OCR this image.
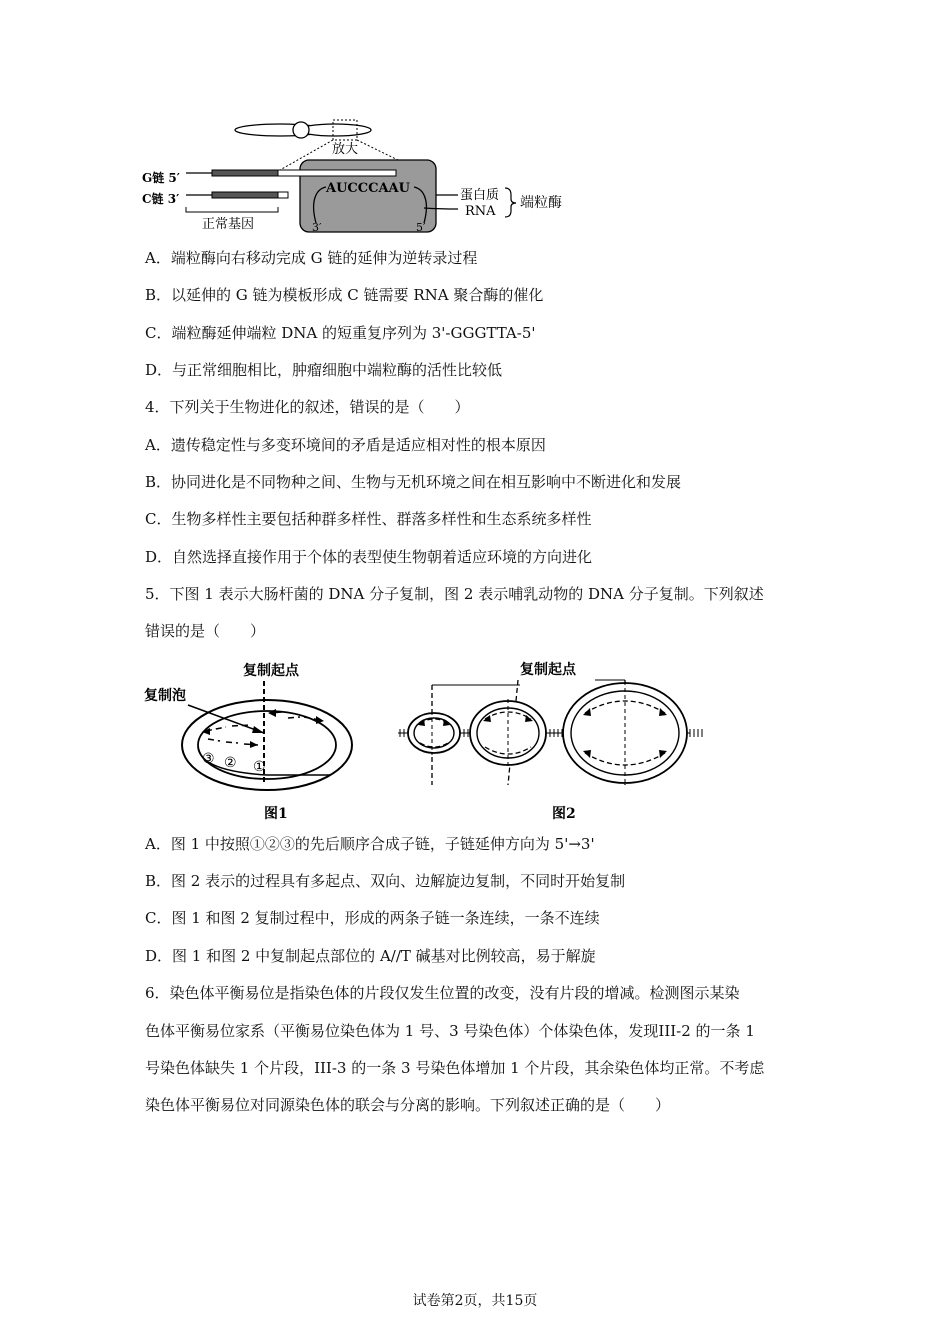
放大
G链 5′
C链 3′
正常基因
AUCCCAAU
3′	5′
蛋白质
RNA
端粒酶
A．端粒酶向右移动完成 G 链的延伸为逆转录过程
B．以延伸的 G 链为模板形成 C 链需要 RNA 聚合酶的催化
C．端粒酶延伸端粒 DNA 的短重复序列为 3'-GGGTTA-5'
D．与正常细胞相比，肿瘤细胞中端粒酶的活性比较低
4．下列关于生物进化的叙述，错误的是（　　）
A．遗传稳定性与多变环境间的矛盾是适应相对性的根本原因
B．协同进化是不同物种之间、生物与无机环境之间在相互影响中不断进化和发展
C．生物多样性主要包括种群多样性、群落多样性和生态系统多样性
D．自然选择直接作用于个体的表型使生物朝着适应环境的方向进化
5．下图 1 表示大肠杆菌的 DNA 分子复制，图 2 表示哺乳动物的 DNA 分子复制。下列叙述
错误的是（　　）
复制起点
复制泡
③ ② ①
图1
复制起点
图2
A．图 1 中按照①②③的先后顺序合成子链，子链延伸方向为 5'→3'
B．图 2 表示的过程具有多起点、双向、边解旋边复制，不同时开始复制
C．图 1 和图 2 复制过程中，形成的两条子链一条连续，一条不连续
D．图 1 和图 2 中复制起点部位的 A//T 碱基对比例较高，易于解旋
6．染色体平衡易位是指染色体的片段仅发生位置的改变，没有片段的增减。检测图示某染
色体平衡易位家系（平衡易位染色体为 1 号、3 号染色体）个体染色体，发现III-2 的一条 1
号染色体缺失 1 个片段，III-3 的一条 3 号染色体增加 1 个片段，其余染色体均正常。不考虑
染色体平衡易位对同源染色体的联会与分离的影响。下列叙述正确的是（　　）
试卷第2页，共15页
